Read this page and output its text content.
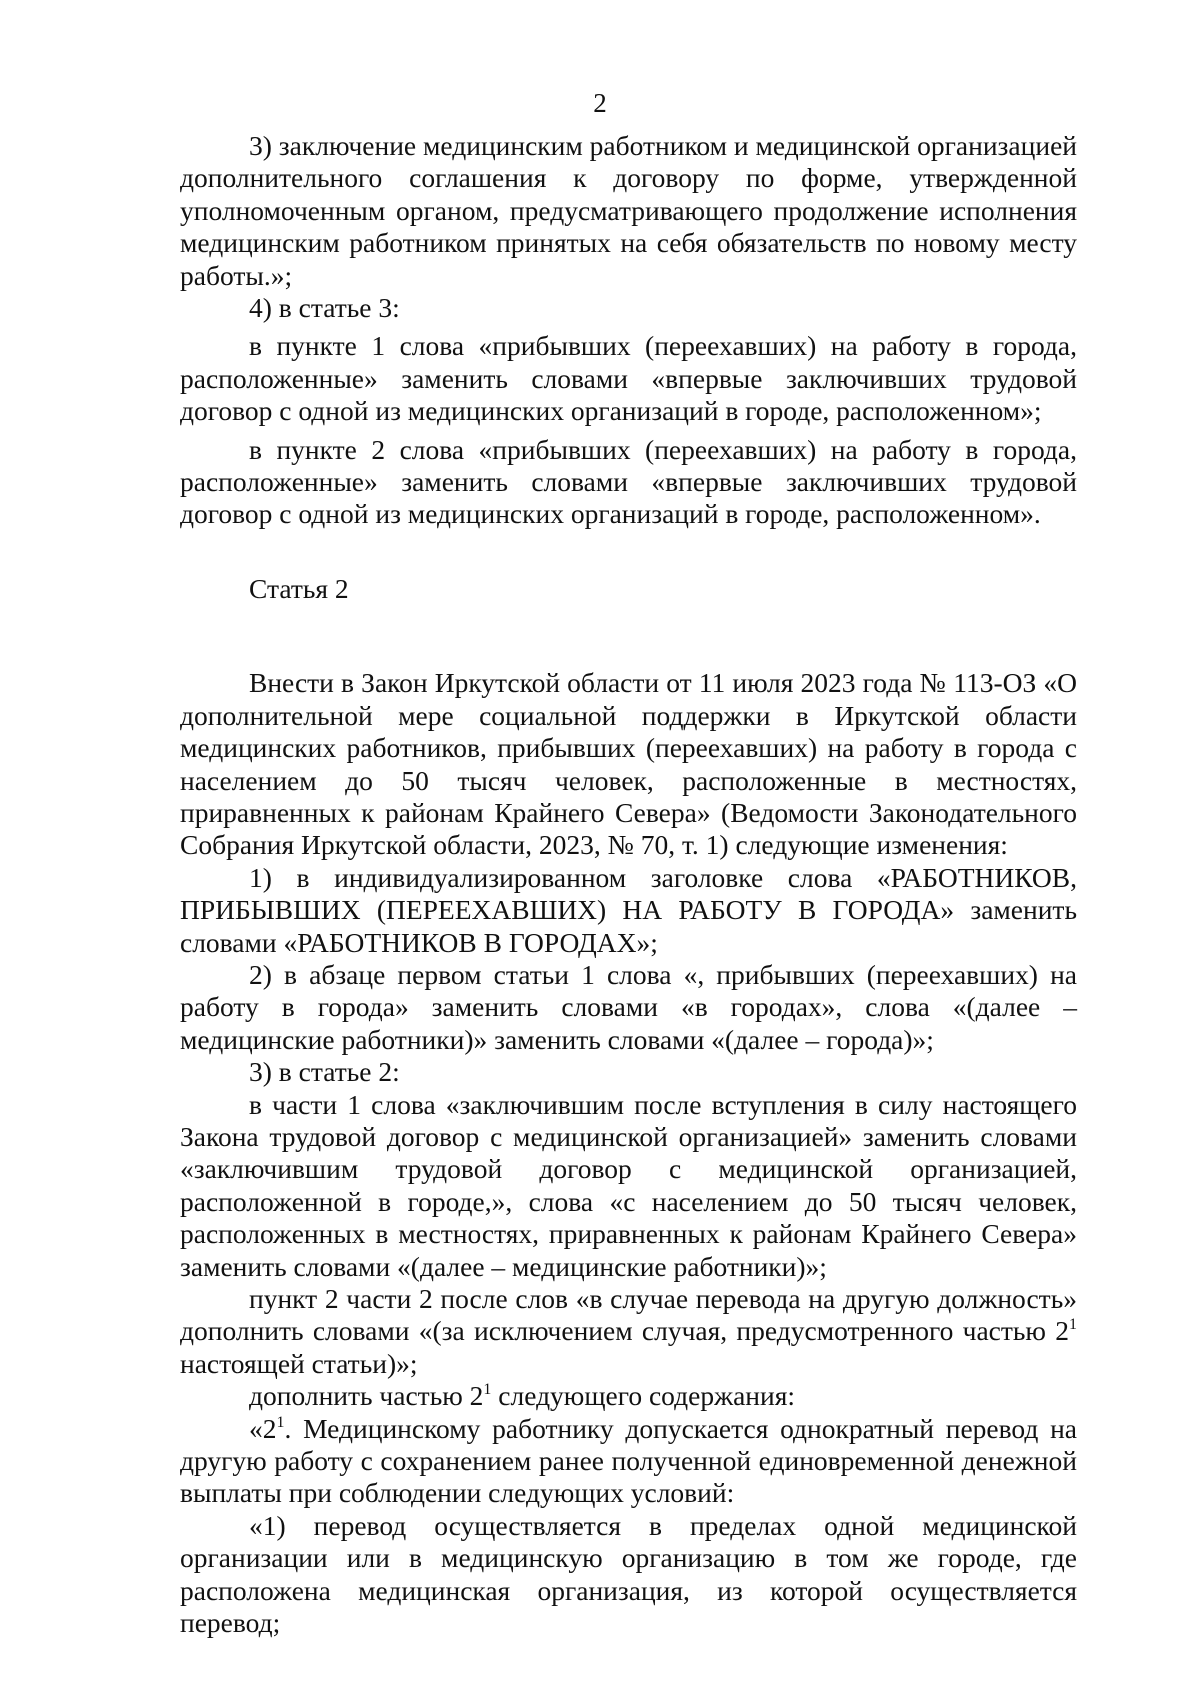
2

3) заключение медицинским работником и медицинской организацией дополнительного соглашения к договору по форме, утвержденной уполномоченным органом, предусматривающего продолжение исполнения медицинским работником принятых на себя обязательств по новому месту работы.»;

4) в статье 3:

в пункте 1 слова «прибывших (переехавших) на работу в города, расположенные» заменить словами «впервые заключивших трудовой договор с одной из медицинских организаций в городе, расположенном»;

в пункте 2 слова «прибывших (переехавших) на работу в города, расположенные» заменить словами «впервые заключивших трудовой договор с одной из медицинских организаций в городе, расположенном».

Статья 2

Внести в Закон Иркутской области от 11 июля 2023 года № 113-ОЗ «О дополнительной мере социальной поддержки в Иркутской области медицинских работников, прибывших (переехавших) на работу в города с населением до 50 тысяч человек, расположенные в местностях, приравненных к районам Крайнего Севера» (Ведомости Законодательного Собрания Иркутской области, 2023, № 70, т. 1) следующие изменения:

1) в индивидуализированном заголовке слова «РАБОТНИКОВ, ПРИБЫВШИХ (ПЕРЕЕХАВШИХ) НА РАБОТУ В ГОРОДА» заменить словами «РАБОТНИКОВ В ГОРОДАХ»;

2) в абзаце первом статьи 1 слова «, прибывших (переехавших) на работу в города» заменить словами «в городах», слова «(далее – медицинские работники)» заменить словами «(далее – города)»;

3) в статье 2:

в части 1 слова «заключившим после вступления в силу настоящего Закона трудовой договор с медицинской организацией» заменить словами «заключившим трудовой договор с медицинской организацией, расположенной в городе,», слова «с населением до 50 тысяч человек, расположенных в местностях, приравненных к районам Крайнего Севера» заменить словами «(далее – медицинские работники)»;

пункт 2 части 2 после слов «в случае перевода на другую должность» дополнить словами «(за исключением случая, предусмотренного частью $2^1$ настоящей статьи)»;

дополнить частью $2^1$ следующего содержания:

«$2^1$. Медицинскому работнику допускается однократный перевод на другую работу с сохранением ранее полученной единовременной денежной выплаты при соблюдении следующих условий:

«1) перевод осуществляется в пределах одной медицинской организации или в медицинскую организацию в том же городе, где расположена медицинская организация, из которой осуществляется перевод;
